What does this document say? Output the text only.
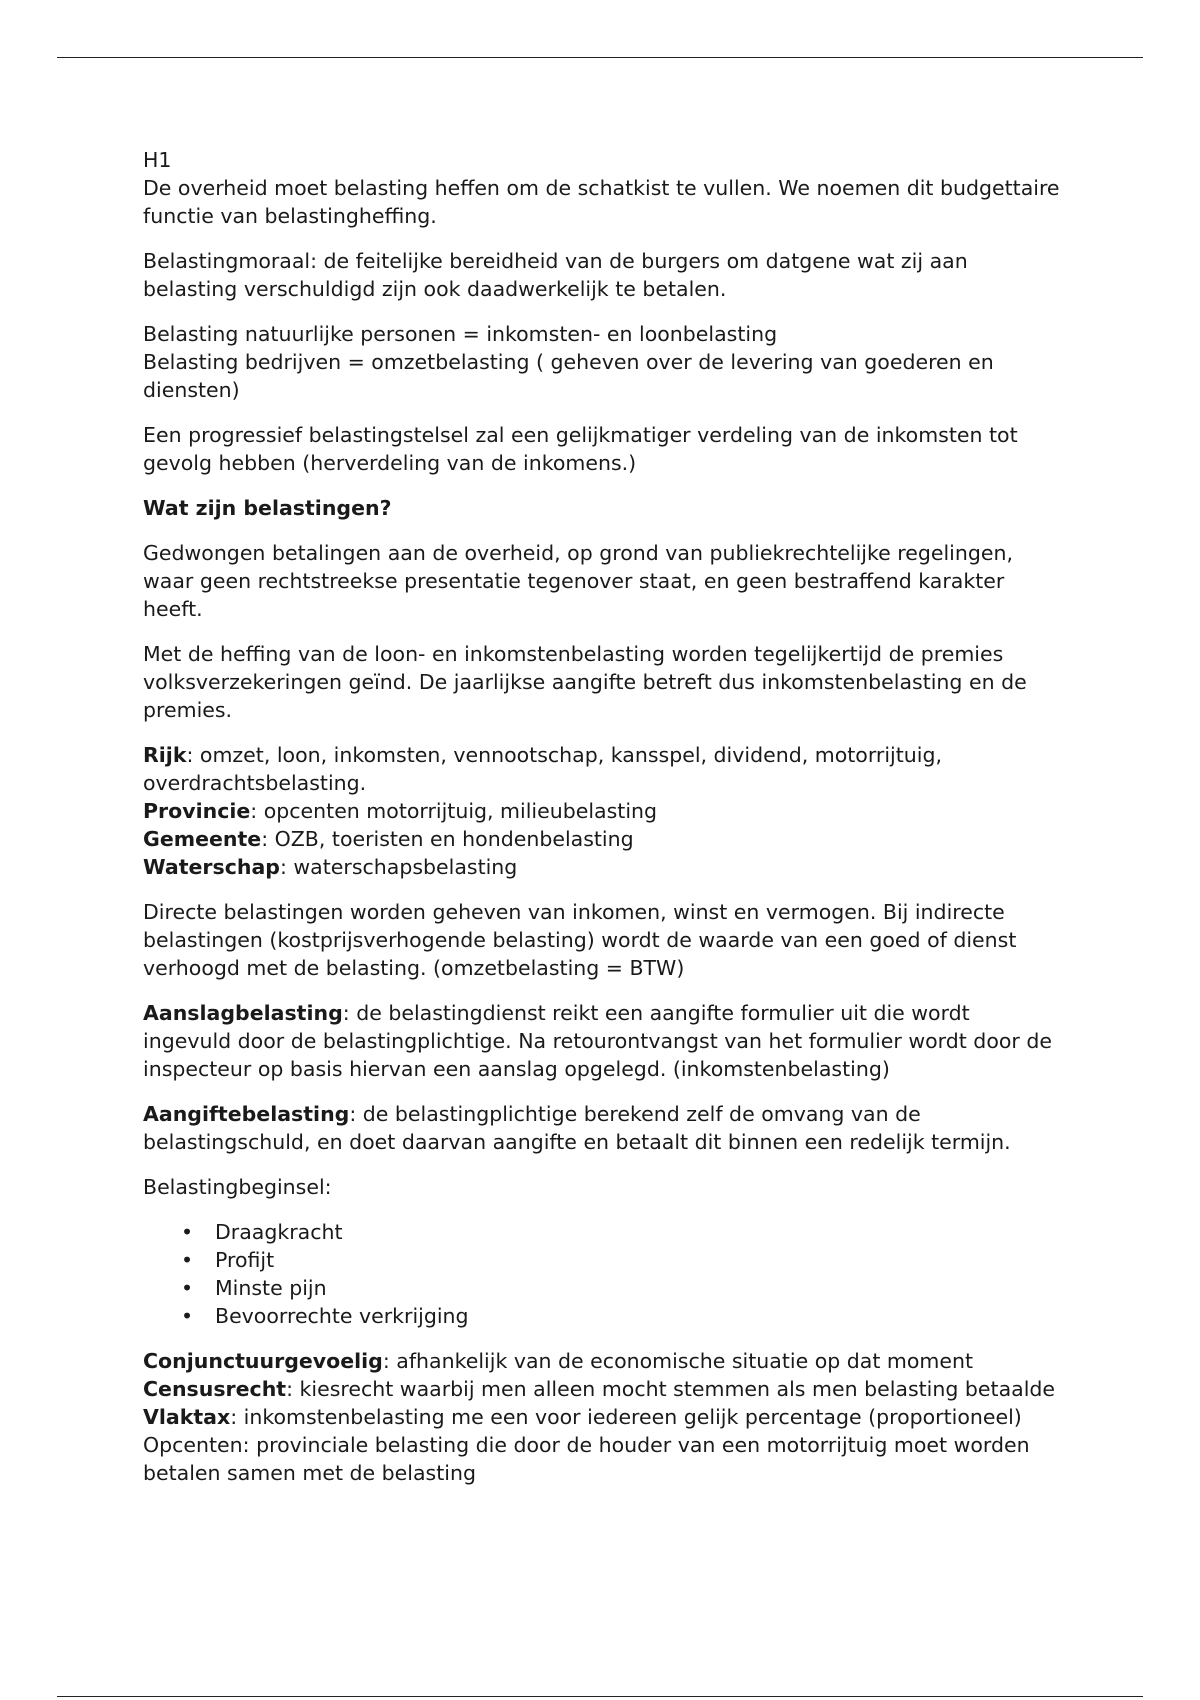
H1

De overheid moet belasting heffen om de schatkist te vullen. We noemen dit budgettaire functie van belastingheffing.

Belastingmoraal: de feitelijke bereidheid van de burgers om datgene wat zij aan belasting verschuldigd zijn ook daadwerkelijk te betalen.

Belasting natuurlijke personen = inkomsten- en loonbelasting
Belasting bedrijven = omzetbelasting ( geheven over de levering van goederen en diensten)

Een progressief belastingstelsel zal een gelijkmatiger verdeling van de inkomsten tot gevolg hebben (herverdeling van de inkomens.)

Wat zijn belastingen?

Gedwongen betalingen aan de overheid, op grond van publiekrechtelijke regelingen, waar geen rechtstreekse presentatie tegenover staat, en geen bestraffend karakter heeft.

Met de heffing van de loon- en inkomstenbelasting worden tegelijkertijd de premies volksverzekeringen geïnd. De jaarlijkse aangifte betreft dus inkomstenbelasting en de premies.

Rijk: omzet, loon, inkomsten, vennootschap, kansspel, dividend, motorrijtuig, overdrachtsbelasting.
Provincie: opcenten motorrijtuig, milieubelasting
Gemeente: OZB, toeristen en hondenbelasting
Waterschap: waterschapsbelasting

Directe belastingen worden geheven van inkomen, winst en vermogen. Bij indirecte belastingen (kostprijsverhogende belasting) wordt de waarde van een goed of dienst verhoogd met de belasting. (omzetbelasting = BTW)

Aanslagbelasting: de belastingdienst reikt een aangifte formulier uit die wordt ingevuld door de belastingplichtige. Na retourontvangst van het formulier wordt door de inspecteur op basis hiervan een aanslag opgelegd. (inkomstenbelasting)

Aangiftebelasting: de belastingplichtige berekend zelf de omvang van de belastingschuld, en doet daarvan aangifte en betaalt dit binnen een redelijk termijn.

Belastingbeginsel:

• Draagkracht
• Profijt
• Minste pijn
• Bevoorrechte verkrijging

Conjunctuurgevoelig: afhankelijk van de economische situatie op dat moment
Censusrecht: kiesrecht waarbij men alleen mocht stemmen als men belasting betaalde
Vlaktax: inkomstenbelasting me een voor iedereen gelijk percentage (proportioneel)
Opcenten: provinciale belasting die door de houder van een motorrijtuig moet worden betalen samen met de belasting
